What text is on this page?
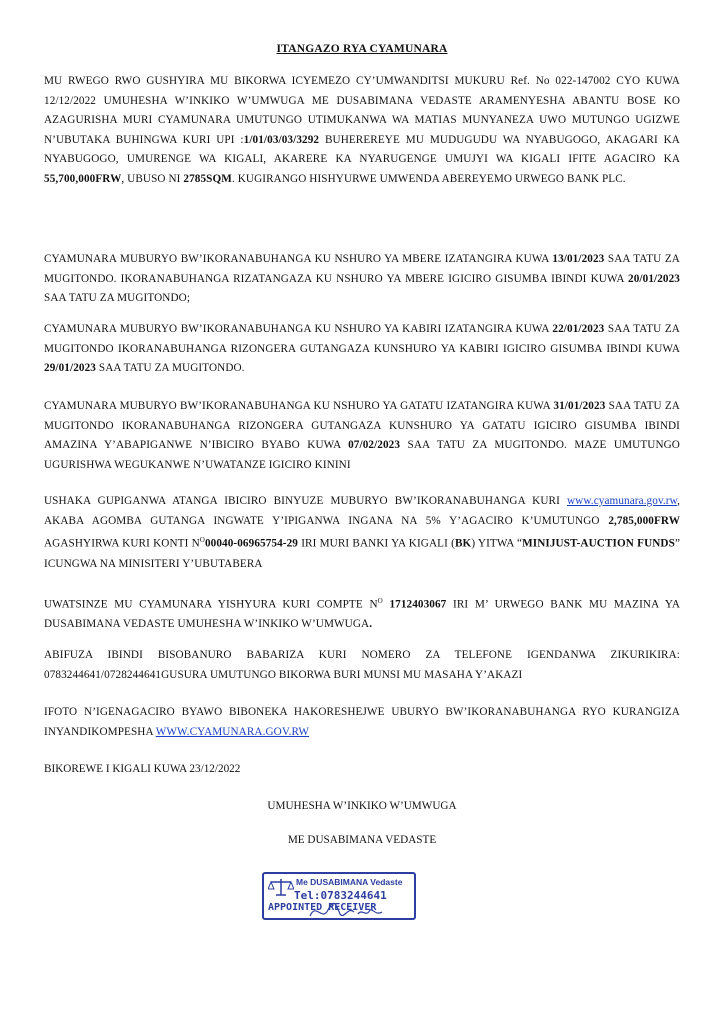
ITANGAZO RYA CYAMUNARA

MU RWEGO RWO GUSHYIRA MU BIKORWA ICYEMEZO CY’UMWANDITSI MUKURU Ref. No 022-147002 CYO KUWA 12/12/2022 UMUHESHA W’INKIKO W’UMWUGA ME DUSABIMANA VEDASTE ARAMENYESHA ABANTU BOSE KO AZAGURISHA MURI CYAMUNARA UMUTUNGO UTIMUKANWA WA MATIAS MUNYANEZA UWO MUTUNGO UGIZWE N’UBUTAKA BUHINGWA KURI UPI :1/01/03/03/3292 BUHEREREYE MU MUDUGUDU WA NYABUGOGO, AKAGARI KA NYABUGOGO, UMURENGE WA KIGALI, AKARERE KA NYARUGENGE UMUJYI WA KIGALI IFITE AGACIRO KA 55,700,000FRW, UBUSO NI 2785SQM. KUGIRANGO HISHYURWE UMWENDA ABEREYEMO URWEGO BANK PLC.

CYAMUNARA MUBURYO BW’IKORANABUHANGA KU NSHURO YA MBERE IZATANGIRA KUWA 13/01/2023 SAA TATU ZA MUGITONDO. IKORANABUHANGA RIZATANGAZA KU NSHURO YA MBERE IGICIRO GISUMBA IBINDI KUWA 20/01/2023 SAA TATU ZA MUGITONDO;

CYAMUNARA MUBURYO BW’IKORANABUHANGA KU NSHURO YA KABIRI IZATANGIRA KUWA 22/01/2023 SAA TATU ZA MUGITONDO IKORANABUHANGA RIZONGERA GUTANGAZA KUNSHURO YA KABIRI IGICIRO GISUMBA IBINDI KUWA 29/01/2023 SAA TATU ZA MUGITONDO.

CYAMUNARA MUBURYO BW’IKORANABUHANGA KU NSHURO YA GATATU IZATANGIRA KUWA 31/01/2023 SAA TATU ZA MUGITONDO IKORANABUHANGA RIZONGERA GUTANGAZA KUNSHURO YA GATATU IGICIRO GISUMBA IBINDI AMAZINA Y’ABAPIGANWE N’IBICIRO BYABO KUWA 07/02/2023 SAA TATU ZA MUGITONDO. MAZE UMUTUNGO UGURISHWA WEGUKANWE N’UWATANZE IGICIRO KININI

USHAKA GUPIGANWA ATANGA IBICIRO BINYUZE MUBURYO BW’IKORANABUHANGA KURI www.cyamunara.gov.rw, AKABA AGOMBA GUTANGA INGWATE Y’IPIGANWA INGANA NA 5% Y’AGACIRO K’UMUTUNGO 2,785,000FRW AGASHYIRWA KURI KONTI $N^O00040-06965754-29$ IRI MURI BANKI YA KIGALI (BK) YITWA “MINIJUST-AUCTION FUNDS” ICUNGWA NA MINISITERI Y’UBUTABERA

UWATSINZE MU CYAMUNARA YISHYURA KURI COMPTE $N^O$ 1712403067 IRI M’ URWEGO BANK MU MAZINA YA DUSABIMANA VEDASTE UMUHESHA W’INKIKO W’UMWUGA.

ABIFUZA IBINDI BISOBANURO BABARIZA KURI NOMERO ZA TELEFONE IGENDANWA ZIKURIKIRA: 0783244641/0728244641GUSURA UMUTUNGO BIKORWA BURI MUNSI MU MASAHA Y’AKAZI

IFOTO N’IGENAGACIRO BYAWO BIBONEKA HAKORESHEJWE UBURYO BW’IKORANABUHANGA RYO KURANGIZA INYANDIKOMPESHA WWW.CYAMUNARA.GOV.RW

BIKOREWE I KIGALI KUWA 23/12/2022
UMUHESHA W’INKIKO W’UMWUGA
ME DUSABIMANA VEDASTE
Me DUSABIMANA Vedaste
Tel:0783244641
APPOINTED RECEIVER
